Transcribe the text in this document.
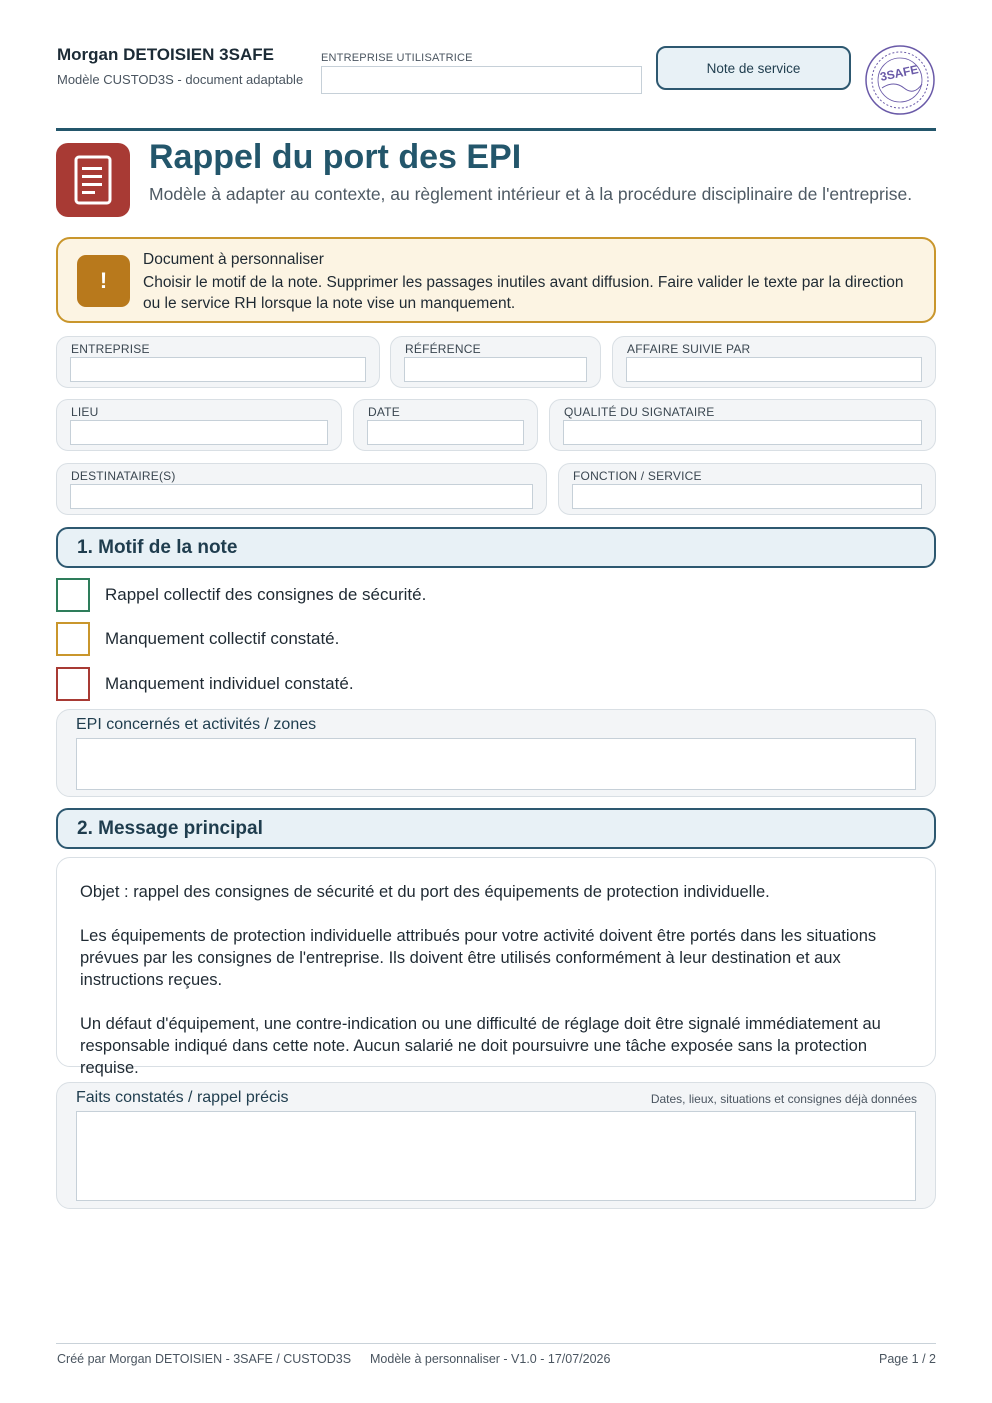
Morgan DETOISIEN 3SAFE
Modèle CUSTOD3S - document adaptable
ENTREPRISE UTILISATRICE
Note de service	3SAFE
Rappel du port des EPI
Modèle à adapter au contexte, au règlement intérieur et à la procédure disciplinaire de l'entreprise.
!
Document à personnaliser
Choisir le motif de la note. Supprimer les passages inutiles avant diffusion. Faire valider le texte par la direction ou le service RH lorsque la note vise un manquement.
ENTREPRISE	RÉFÉRENCE	AFFAIRE SUIVIE PAR
LIEU	DATE	QUALITÉ DU SIGNATAIRE
DESTINATAIRE(S)	FONCTION / SERVICE
1. Motif de la note
Rappel collectif des consignes de sécurité.
Manquement collectif constaté.
Manquement individuel constaté.
EPI concernés et activités / zones
2. Message principal

Objet : rappel des consignes de sécurité et du port des équipements de protection individuelle.

Les équipements de protection individuelle attribués pour votre activité doivent être portés dans les situations prévues par les consignes de l'entreprise. Ils doivent être utilisés conformément à leur destination et aux instructions reçues.

Un défaut d'équipement, une contre-indication ou une difficulté de réglage doit être signalé immédiatement au responsable indiqué dans cette note. Aucun salarié ne doit poursuivre une tâche exposée sans la protection requise.

Faits constatés / rappel précis	Dates, lieux, situations et consignes déjà données
Créé par Morgan DETOISIEN - 3SAFE / CUSTOD3S Modèle à personnaliser - V1.0 - 17/07/2026	Page 1 / 2
